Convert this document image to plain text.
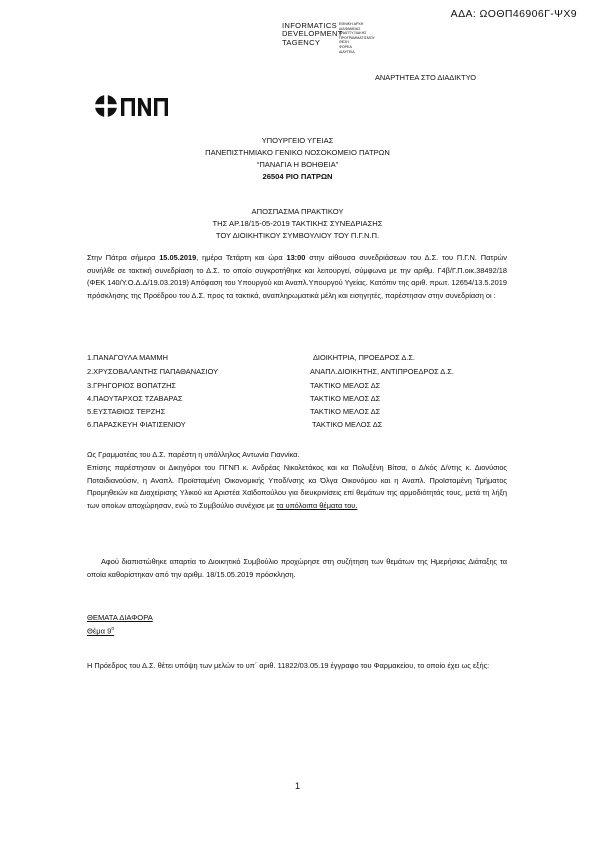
ΑΔΑ: ΩΟΘΠ46906Γ-ΨΧ9
INFORMATICS
DEVELOPMENT
TAGENCY
ΕΘΝΙΚΗ ΑΡΧΗ
ΔΙΑΦΑΝΕΙΑΣ
ΑΝΑΠΤΥΞΙΑΚΗΣ
ΠΡΟΓΡΑΜΜΑΤΙΣΜΟΥ
ΘΕΣΗ
ΦΟΡΕΑ
ΔΙΑΥΓΕΙΑ
ΑΝΑΡΤΗΤΕΑ ΣΤΟ ΔΙΑΔΙΚΤΥΟ
ΥΠΟΥΡΓΕΙΟ ΥΓΕΙΑΣ
ΠΑΝΕΠΙΣΤΗΜΙΑΚΟ ΓΕΝΙΚΟ ΝΟΣΟΚΟΜΕΙΟ ΠΑΤΡΩΝ
“ΠΑΝΑΓΙΑ Η ΒΟΗΘΕΙΑ”
26504 ΡΙΟ ΠΑΤΡΩΝ
ΑΠΟΣΠΑΣΜΑ ΠΡΑΚΤΙΚΟΥ
ΤΗΣ ΑΡ.18/15-05-2019 ΤΑΚΤΙΚΗΣ ΣΥΝΕΔΡΙΑΣΗΣ
ΤΟΥ ΔΙΟΙΚΗΤΙΚΟΥ ΣΥΜΒΟΥΛΙΟΥ ΤΟΥ Π.Γ.Ν.Π.
Στην Πάτρα σήμερα 15.05.2019, ημέρα Τετάρτη και ώρα 13:00 στην αίθουσα συνεδριάσεων του Δ.Σ. του Π.Γ.Ν. Πατρών συνήλθε σε τακτική συνεδρίαση το Δ.Σ. το οποίο συγκροτήθηκε και λειτουργεί, σύμφωνα με την αριθμ. Γ4β/Γ.Π.οικ.38492/18 (ΦΕΚ 140/Υ.Ο.Δ.Δ/19.03.2019) Απόφαση του Υπουργού και Αναπλ.Υπουργού Υγείας. Κατόπιν της αριθ. πρωτ. 12654/13.5.2019 πρόσκλησης της Προέδρου του Δ.Σ. προς τα τακτικά, αναπληρωματικά μέλη και εισηγητές, παρέστησαν στην συνεδρίαση οι :
1.ΠΑΝΑΓΟΥΛΑ ΜΑΜΜΗ	ΔΙΟΙΚΗΤΡΙΑ, ΠΡΟΕΔΡΟΣ Δ.Σ.
2.ΧΡΥΣΟΒΑΛΑΝΤΗΣ ΠΑΠΑΘΑΝΑΣΙΟΥ	ΑΝΑΠΛ.ΔΙΟΙΚΗΤΗΣ, ΑΝΤΙΠΡΟΕΔΡΟΣ Δ.Σ.
3.ΓΡΗΓΟΡΙΟΣ ΒΟΠΑΤΖΗΣ	ΤΑΚΤΙΚΟ ΜΕΛΟΣ ΔΣ
4.ΠΑΟΥΤΑΡΧΟΣ ΤΖΑΒΑΡΑΣ	ΤΑΚΤΙΚΟ ΜΕΛΟΣ ΔΣ
5.ΕΥΣΤΑΘΙΟΣ ΤΕΡΖΗΣ	ΤΑΚΤΙΚΟ ΜΕΛΟΣ ΔΣ
6.ΠΑΡΑΣΚΕΥΗ ΦΙΑΤΙΣΕΝΙΟΥ	ΤΑΚΤΙΚΟ ΜΕΛΟΣ ΔΣ
Ως Γραμματέας του Δ.Σ. παρέστη η υπάλληλος Αντωνία Γιαννίκα.
Επίσης παρέστησαν οι Δικηγόροι του ΠΓΝΠ κ. Ανδρέας Νικολετάκος και κα Πολυξένη Βίτσα, ο Δ/κός Δ/ντης κ. Διονύσιος Ποταιδιανούσιν, η Αναπλ. Προϊσταμένη Οικονομικής Υποδ/νσης κα Όλγα Οικονόμου και η Αναπλ. Προϊσταμένη Τμήματος Προμηθειών κα Διαχείρισης Υλικού κα Αριστέα Χαϊδοπούλου για διευκρινίσεις επί θεμάτων της αρμοδιότητάς τους, μετά τη λήξη των οποίων αποχώρησαν, ενώ το Συμβούλιο συνέχισε με τα υπόλοιπα θέματα του.
Αφού διαπιστώθηκε απαρτία το Διοικητικό Συμβούλιο προχώρησε στη συζήτηση των θεμάτων της Ημερήσιας Διάταξης τα οποία καθορίστηκαν από την αριθμ. 18/15.05.2019 πρόσκληση.
ΘΕΜΑΤΑ ΔΙΑΦΟΡΑ
Θέμα $9^o$
Η Πρόεδρος του Δ.Σ. θέτει υπόψη των μελών το υπ΄ αριθ. 11822/03.05.19 έγγραφο του Φαρμακείου, το οποίο έχει ως εξής:
1
